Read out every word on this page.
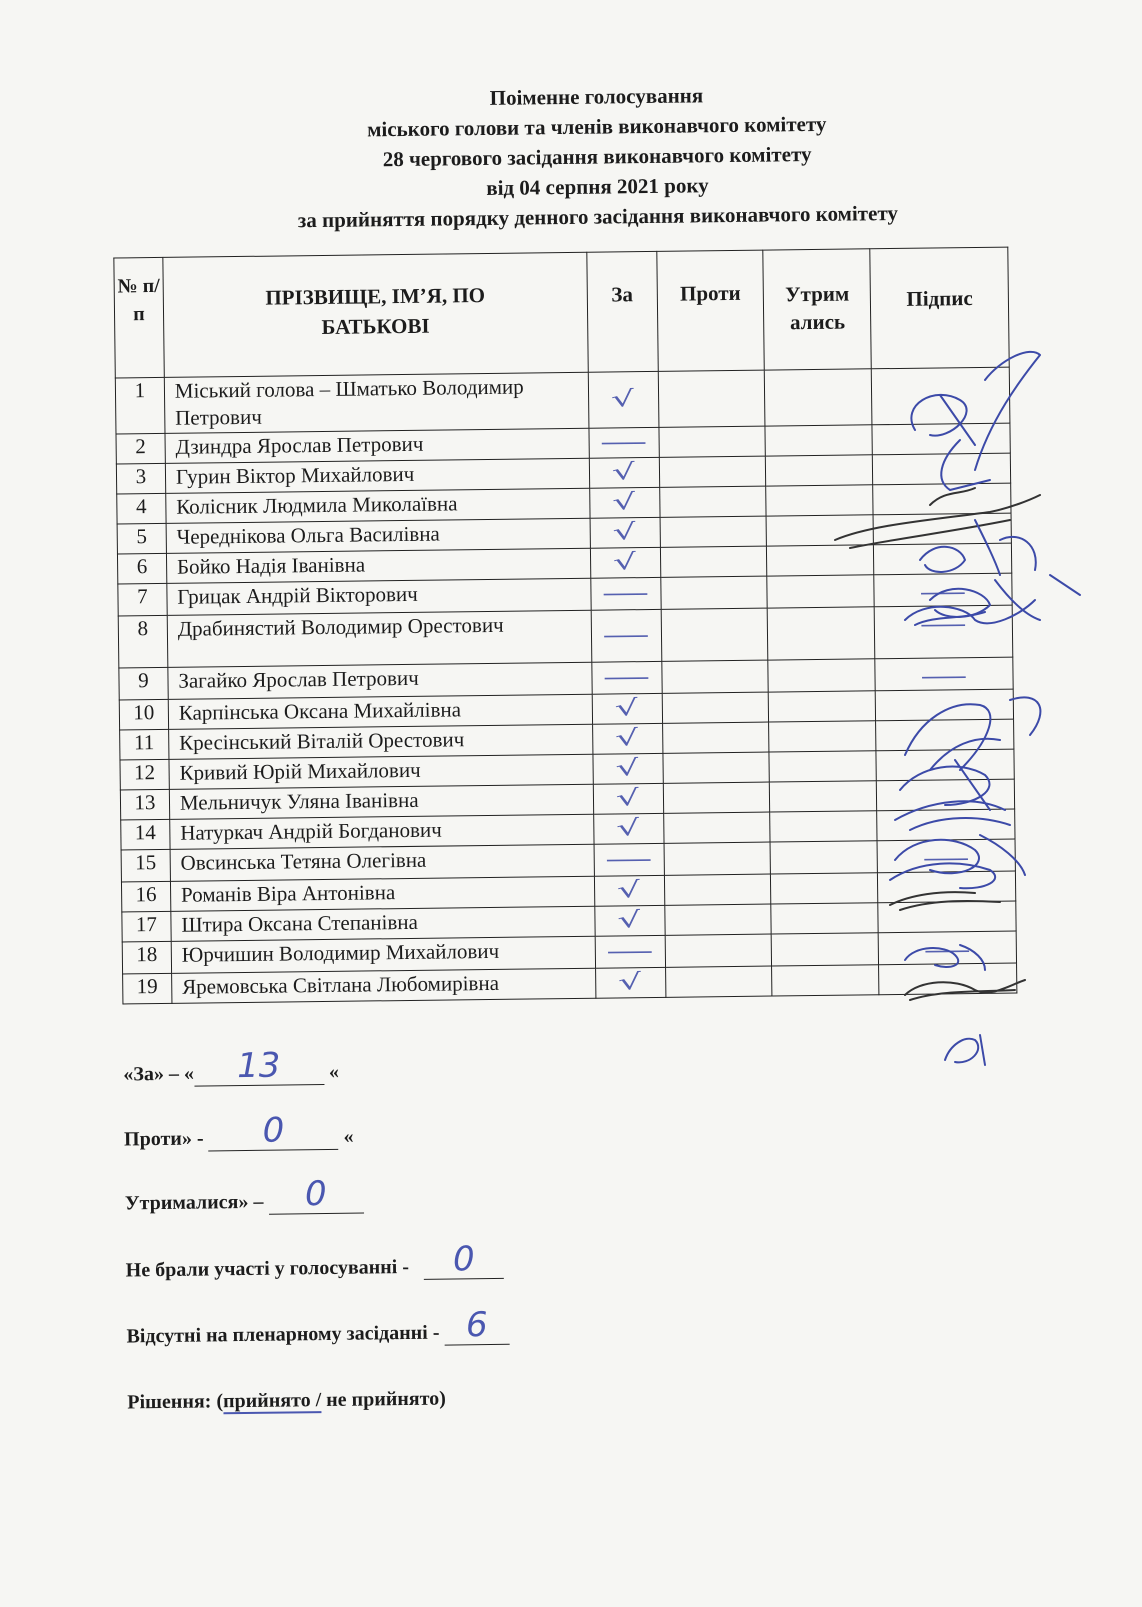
Поіменне голосування
міського голови та членів виконавчого комітету
28 чергового засідання виконавчого комітету
від 04 серпня 2021 року
за прийняття порядку денного засідання виконавчого комітету
№ п/п	ПРІЗВИЩЕ, ІМ’Я, ПО БАТЬКОВІ	За	Проти	Утрим ались	Підпис
1	Міський голова – Шматько Володимир Петрович	√			
2	Дзиндра Ярослав Петрович	—			
3	Гурин Віктор Михайлович	√			
4	Колісник Людмила Миколаївна	√			
5	Череднікова Ольга Василівна	√			
6	Бойко Надія Іванівна	√			
7	Грицак Андрій Вікторович	—			—

8	Драбинястий Володимир Орестович	—			—

9	Загайко Ярослав Петрович	—			—

10	Карпінська Оксана Михайлівна	√			
11	Кресінський Віталій Орестович	√			
12	Кривий Юрій Михайлович	√			
13	Мельничук Уляна Іванівна	√			
14	Натуркач Андрій Богданович	√			
15	Овсинська Тетяна Олегівна	—			—

16	Романів Віра Антонівна	√			
17	Штира Оксана Степанівна	√			
18	Юрчишин Володимир Михайлович	—			—

19	Яремовська Світлана Любомирівна	√			
«За» – «	13	«
Проти» -	0	«
Утрималися» –	0
Не брали участі у голосуванні -	0
Відсутні на пленарному засіданні - 6
Рішення: (прийнято / не прийнято)
